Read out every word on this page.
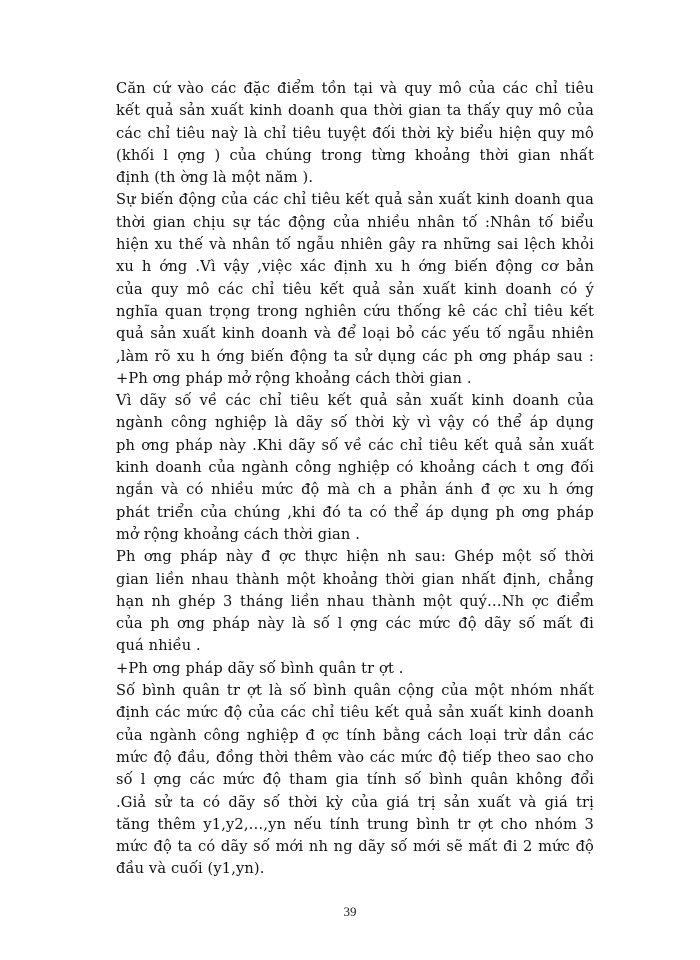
Căn cứ vào các đặc điểm tồn tại và quy mô của các chỉ tiêu
kết quả sản xuất kinh doanh qua thời gian ta thấy quy mô của
các chỉ tiêu naỳ là chỉ tiêu tuyệt đối thời kỳ biểu hiện quy mô
(khối l ợng ) của chúng trong từng khoảng thời gian nhất
định (th ờng là một năm ).
Sự biến động của các chỉ tiêu kết quả sản xuất kinh doanh qua
thời gian chịu sự tác động của nhiều nhân tố :Nhân tố biểu
hiện xu thế và nhân tố ngẫu nhiên gây ra những sai lệch khỏi
xu h ớng .Vì vậy ,việc xác định xu h ớng biến động cơ bản
của quy mô các chỉ tiêu kết quả sản xuất kinh doanh có ý
nghĩa quan trọng trong nghiên cứu thống kê các chỉ tiêu kết
quả sản xuất kinh doanh và để loại bỏ các yếu tố ngẫu nhiên
,làm rõ xu h ớng biến động ta sử dụng các ph ơng pháp sau :
+Ph ơng pháp mở rộng khoảng cách thời gian .
Vì dãy số về các chỉ tiêu kết quả sản xuất kinh doanh của
ngành công nghiệp là dãy số thời kỳ vì vậy có thể áp dụng
ph ơng pháp này .Khi dãy số về các chỉ tiêu kết quả sản xuất
kinh doanh của ngành công nghiệp có khoảng cách t ơng đối
ngắn và có nhiều mức độ mà ch a phản ánh đ ợc xu h ớng
phát triển của chúng ,khi đó ta có thể áp dụng ph ơng pháp
mở rộng khoảng cách thời gian .
Ph ơng pháp này đ ợc thực hiện nh sau: Ghép một số thời
gian liền nhau thành một khoảng thời gian nhất định, chẳng
hạn nh ghép 3 tháng liền nhau thành một quý…Nh ợc điểm
của ph ơng pháp này là số l ợng các mức độ dãy số mất đi
quá nhiều .
+Ph ơng pháp dãy số bình quân tr ợt .
Số bình quân tr ợt là số bình quân cộng của một nhóm nhất
định các mức độ của các chỉ tiêu kết quả sản xuất kinh doanh
của ngành công nghiệp đ ợc tính bằng cách loại trừ dần các
mức độ đầu, đồng thời thêm vào các mức độ tiếp theo sao cho
số l ợng các mức độ tham gia tính số bình quân không đổi
.Giả sử ta có dãy số thời kỳ của giá trị sản xuất và giá trị
tăng thêm y1,y2,…,yn nếu tính trung bình tr ợt cho nhóm 3
mức độ ta có dãy số mới nh ng dãy số mới sẽ mất đi 2 mức độ
đầu và cuối (y1,yn).
39
